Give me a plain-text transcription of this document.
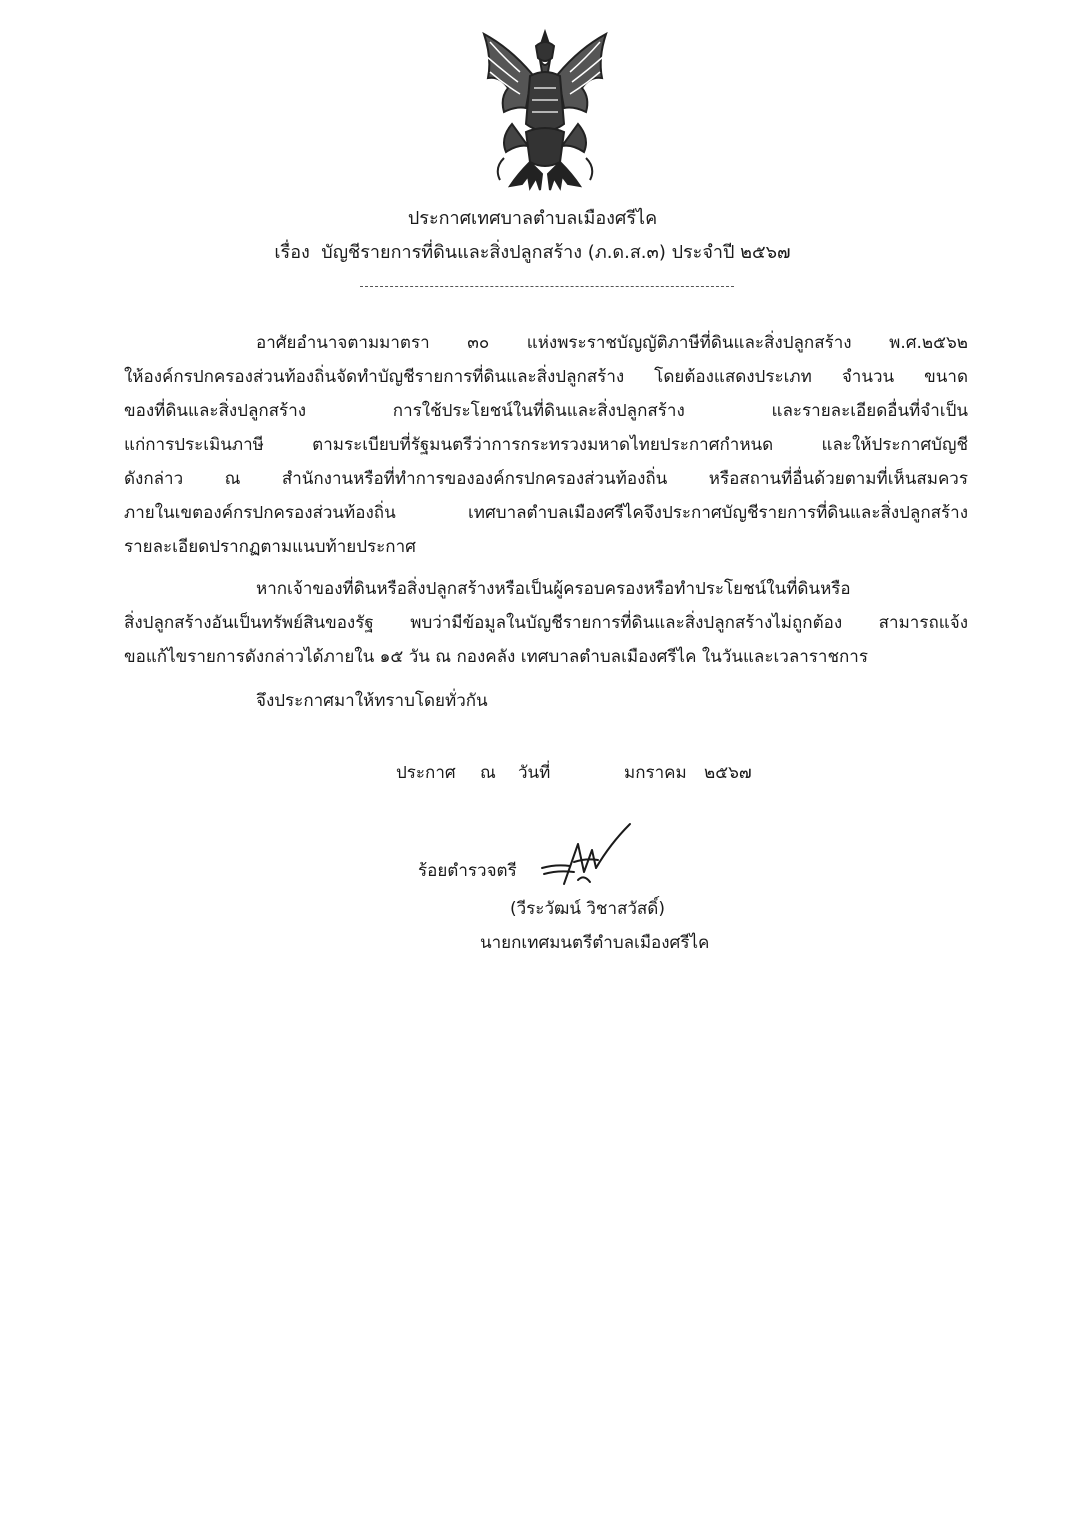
ประกาศเทศบาลตำบลเมืองศรีไค
เรื่อง บัญชีรายการที่ดินและสิ่งปลูกสร้าง (ภ.ด.ส.๓) ประจำปี ๒๕๖๗
อาศัยอำนาจตามมาตรา ๓๐ แห่งพระราชบัญญัติภาษีที่ดินและสิ่งปลูกสร้าง พ.ศ.๒๕๖๒
ให้องค์กรปกครองส่วนท้องถิ่นจัดทำบัญชีรายการที่ดินและสิ่งปลูกสร้าง โดยต้องแสดงประเภท จำนวน ขนาด
ของที่ดินและสิ่งปลูกสร้าง การใช้ประโยชน์ในที่ดินและสิ่งปลูกสร้าง และรายละเอียดอื่นที่จำเป็น
แก่การประเมินภาษี ตามระเบียบที่รัฐมนตรีว่าการกระทรวงมหาดไทยประกาศกำหนด และให้ประกาศบัญชี
ดังกล่าว ณ สำนักงานหรือที่ทำการขององค์กรปกครองส่วนท้องถิ่น หรือสถานที่อื่นด้วยตามที่เห็นสมควร
ภายในเขตองค์กรปกครองส่วนท้องถิ่น เทศบาลตำบลเมืองศรีไคจึงประกาศบัญชีรายการที่ดินและสิ่งปลูกสร้าง
รายละเอียดปรากฏตามแนบท้ายประกาศ
หากเจ้าของที่ดินหรือสิ่งปลูกสร้างหรือเป็นผู้ครอบครองหรือทำประโยชน์ในที่ดินหรือ
สิ่งปลูกสร้างอันเป็นทรัพย์สินของรัฐ พบว่ามีข้อมูลในบัญชีรายการที่ดินและสิ่งปลูกสร้างไม่ถูกต้อง สามารถแจ้ง
ขอแก้ไขรายการดังกล่าวได้ภายใน ๑๕ วัน ณ กองคลัง เทศบาลตำบลเมืองศรีไค ในวันและเวลาราชการ
จึงประกาศมาให้ทราบโดยทั่วกัน
ประกาศ ณ วันที่	มกราคม ๒๕๖๗
ร้อยตำรวจตรี
(วีระวัฒน์ วิชาสวัสดิ์)
นายกเทศมนตรีตำบลเมืองศรีไค
